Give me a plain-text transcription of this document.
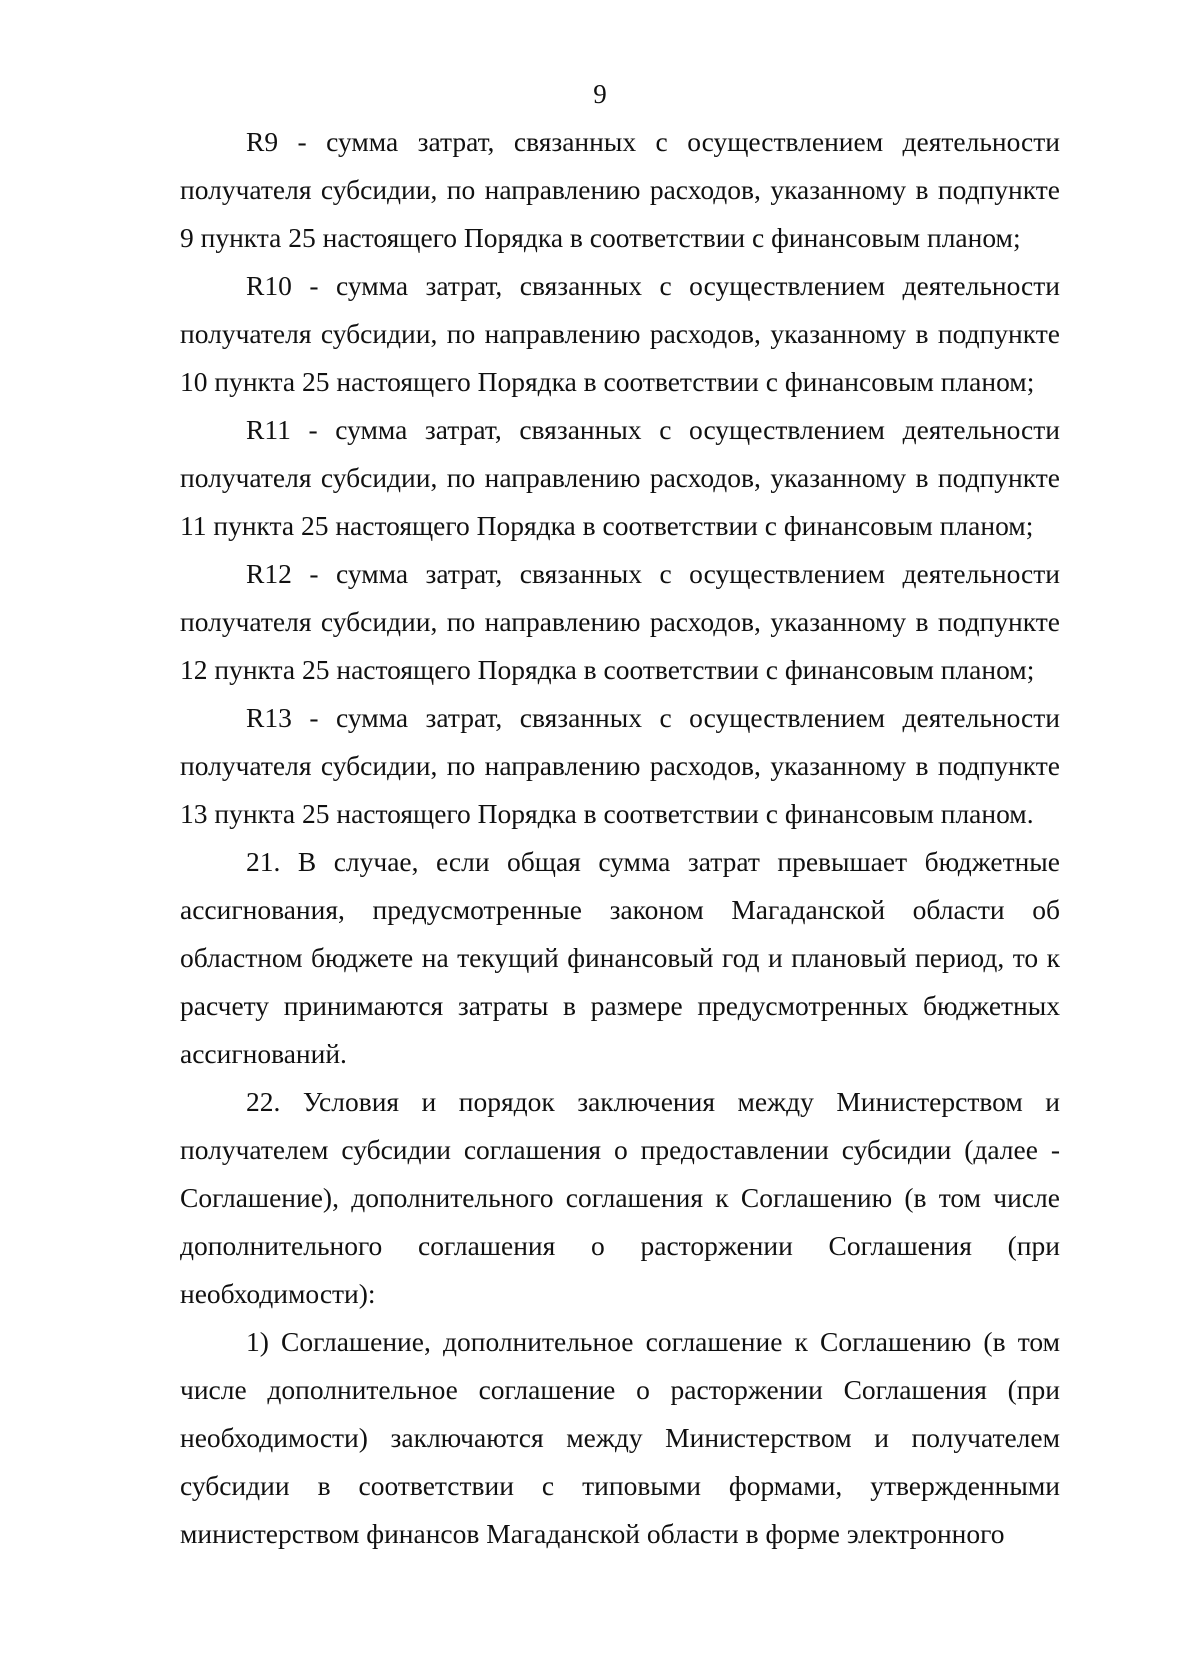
9

R9 - сумма затрат, связанных с осуществлением деятельности получателя субсидии, по направлению расходов, указанному в подпункте 9 пункта 25 настоящего Порядка в соответствии с финансовым планом;

R10 - сумма затрат, связанных с осуществлением деятельности получателя субсидии, по направлению расходов, указанному в подпункте 10 пункта 25 настоящего Порядка в соответствии с финансовым планом;

R11 - сумма затрат, связанных с осуществлением деятельности получателя субсидии, по направлению расходов, указанному в подпункте 11 пункта 25 настоящего Порядка в соответствии с финансовым планом;

R12 - сумма затрат, связанных с осуществлением деятельности получателя субсидии, по направлению расходов, указанному в подпункте 12 пункта 25 настоящего Порядка в соответствии с финансовым планом;

R13 - сумма затрат, связанных с осуществлением деятельности получателя субсидии, по направлению расходов, указанному в подпункте 13 пункта 25 настоящего Порядка в соответствии с финансовым планом.

21. В случае, если общая сумма затрат превышает бюджетные ассигнования, предусмотренные законом Магаданской области об областном бюджете на текущий финансовый год и плановый период, то к расчету принимаются затраты в размере предусмотренных бюджетных ассигнований.

22. Условия и порядок заключения между Министерством и получателем субсидии соглашения о предоставлении субсидии (далее - Соглашение), дополнительного соглашения к Соглашению (в том числе дополнительного соглашения о расторжении Соглашения (при необходимости):

1) Соглашение, дополнительное соглашение к Соглашению (в том числе дополнительное соглашение о расторжении Соглашения (при необходимости) заключаются между Министерством и получателем субсидии в соответствии с типовыми формами, утвержденными министерством финансов Магаданской области в форме электронного
